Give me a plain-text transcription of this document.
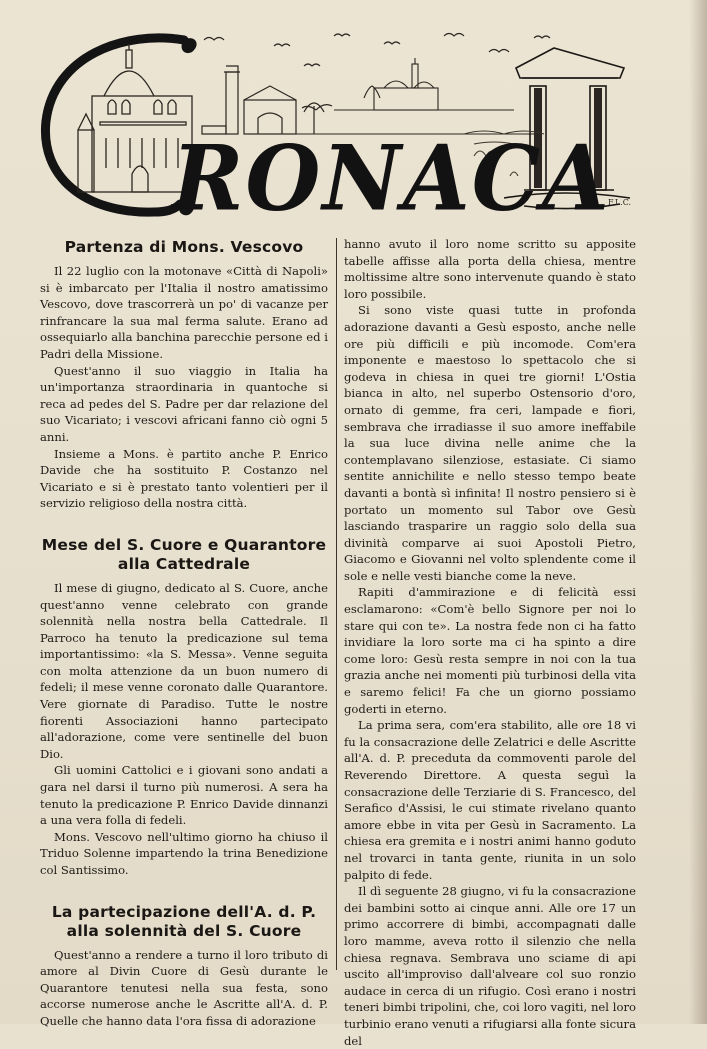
RONACA
F.L.C.
Partenza di Mons. Vescovo

Il 22 luglio con la motonave «Città di Napoli» si è imbarcato per l'Italia il nostro amatissimo Vescovo, dove trascorrerà un po' di vacanze per rinfrancare la sua mal ferma salute. Erano ad ossequiarlo alla banchina parecchie persone ed i Padri della Missione.

Quest'anno il suo viaggio in Italia ha un'importanza straordinaria in quantoche si reca ad pedes del S. Padre per dar relazione del suo Vicariato; i vescovi africani fanno ciò ogni 5 anni.

Insieme a Mons. è partito anche P. Enrico Davide che ha sostituito P. Costanzo nel Vicariato e si è prestato tanto volentieri per il servizio religioso della nostra città.

Mese del S. Cuore e Quarantore alla Cattedrale

Il mese di giugno, dedicato al S. Cuore, anche quest'anno venne celebrato con grande solennità nella nostra bella Cattedrale. Il Parroco ha tenuto la predicazione sul tema importantissimo: «la S. Messa». Venne seguita con molta attenzione da un buon numero di fedeli; il mese venne coronato dalle Quarantore. Vere giornate di Paradiso. Tutte le nostre fiorenti Associazioni hanno partecipato all'adorazione, come vere sentinelle del buon Dio.

Gli uomini Cattolici e i giovani sono andati a gara nel darsi il turno più numerosi. A sera ha tenuto la predicazione P. Enrico Davide dinnanzi a una vera folla di fedeli.

Mons. Vescovo nell'ultimo giorno ha chiuso il Triduo Solenne impartendo la trina Benedizione col Santissimo.

La partecipazione dell'A. d. P. alla solennità del S. Cuore

Quest'anno a rendere a turno il loro tributo di amore al Divin Cuore di Gesù durante le Quarantore tenutesi nella sua festa, sono accorse numerose anche le Ascritte all'A. d. P. Quelle che hanno data l'ora fissa di adorazione

hanno avuto il loro nome scritto su apposite tabelle affisse alla porta della chiesa, mentre moltissime altre sono intervenute quando è stato loro possibile.

Si sono viste quasi tutte in profonda adorazione davanti a Gesù esposto, anche nelle ore più difficili e più incomode. Com'era imponente e maestoso lo spettacolo che si godeva in chiesa in quei tre giorni! L'Ostia bianca in alto, nel superbo Ostensorio d'oro, ornato di gemme, fra ceri, lampade e fiori, sembrava che irradiasse il suo amore ineffabile la sua luce divina nelle anime che la contemplavano silenziose, estasiate. Ci siamo sentite annichilite e nello stesso tempo beate davanti a bontà sì infinita! Il nostro pensiero si è portato un momento sul Tabor ove Gesù lasciando trasparire un raggio solo della sua divinità comparve ai suoi Apostoli Pietro, Giacomo e Giovanni nel volto splendente come il sole e nelle vesti bianche come la neve.

Rapiti d'ammirazione e di felicità essi esclamarono: «Com'è bello Signore per noi lo stare qui con te». La nostra fede non ci ha fatto invidiare la loro sorte ma ci ha spinto a dire come loro: Gesù resta sempre in noi con la tua grazia anche nei momenti più turbinosi della vita e saremo felici! Fa che un giorno possiamo goderti in eterno.

La prima sera, com'era stabilito, alle ore 18 vi fu la consacrazione delle Zelatrici e delle Ascritte all'A. d. P. preceduta da commoventi parole del Reverendo Direttore. A questa seguì la consacrazione delle Terziarie di S. Francesco, del Serafico d'Assisi, le cui stimate rivelano quanto amore ebbe in vita per Gesù in Sacramento. La chiesa era gremita e i nostri animi hanno goduto nel trovarci in tanta gente, riunita in un solo palpito di fede.

Il dì seguente 28 giugno, vi fu la consacrazione dei bambini sotto ai cinque anni. Alle ore 17 un primo accorrere di bimbi, accompagnati dalle loro mamme, aveva rotto il silenzio che nella chiesa regnava. Sembrava uno sciame di api uscito all'improviso dall'alveare col suo ronzio audace in cerca di un rifugio. Così erano i nostri teneri bimbi tripolini, che, coi loro vagiti, nel loro turbinio erano venuti a rifugiarsi alla fonte sicura del
